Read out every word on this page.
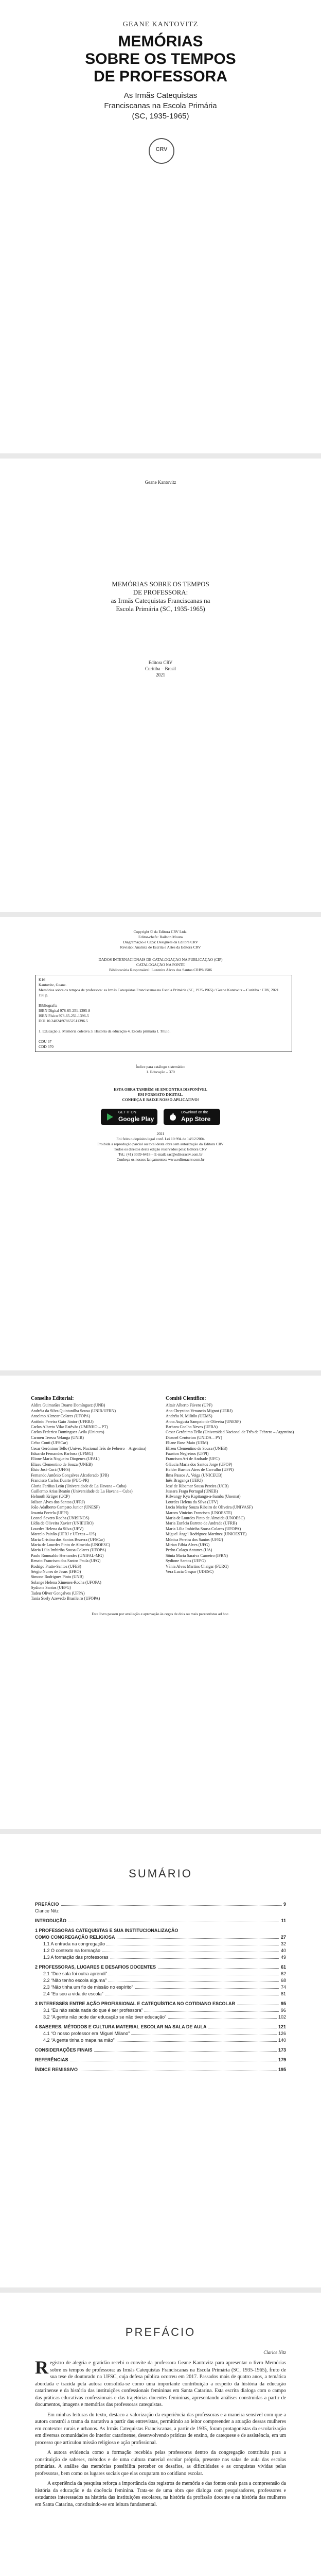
GEANE KANTOVITZ
MEMÓRIAS
SOBRE OS TEMPOS
DE PROFESSORA
As Irmãs Catequistas
Franciscanas na Escola Primária
(SC, 1935-1965)
CRV
Geane Kantovitz
MEMÓRIAS SOBRE OS TEMPOS
DE PROFESSORA:
as Irmãs Catequistas Franciscanas na
Escola Primária (SC, 1935-1965)
Editora CRV
Curitiba – Brasil
2021
Copyright © da Editora CRV Ltda.
Editor-chefe: Railson Moura
Diagramação e Capa: Designers da Editora CRV
Revisão: Analista de Escrita e Artes da Editora CRV
DADOS INTERNACIONAIS DE CATALOGAÇÃO NA PUBLICAÇÃO (CIP)
CATALOGAÇÃO NA FONTE
Bibliotecária Responsável: Luzenira Alves dos Santos CRB9/1506
K16
Kantovitz, Geane.
Memórias sobre os tempos de professora: as Irmãs Catequistas Franciscanas na Escola Primária (SC, 1935-1965) / Geane Kantovitz – Curitiba : CRV, 2021.
198 p.
Bibliografia
ISBN Digital 978-65-251-1395-8
ISBN Físico 978-65-251-1396-5
DOI 10.24824/978652511396.5
1. Educação 2. Memória coletiva 3. História da educação 4. Escola primária I. Título.
CDU 37
CDD 370
Índice para catálogo sistemático
1. Educação – 370
ESTA OBRA TAMBÉM SE ENCONTRA DISPONÍVEL
EM FORMATO DIGITAL.
CONHEÇA E BAIXE NOSSO APLICATIVO!
GET IT ON
Google Play
Download on the
App Store
2021
Foi feito o depósito legal conf. Lei 10.994 de 14/12/2004
Proibida a reprodução parcial ou total desta obra sem autorização da Editora CRV
Todos os direitos desta edição reservados pela: Editora CRV
Tel.: (41) 3039-6418 – E-mail: sac@editoracrv.com.br
Conheça os nossos lançamentos: www.editoracrv.com.br
Conselho Editorial:
Aldira Guimarães Duarte Domínguez (UNB)
Andréia da Silva Quintanilha Sousa (UNIR/UFRN)
Anselmo Alencar Colares (UFOPA)
Antônio Pereira Gaio Júnior (UFRRJ)
Carlos Alberto Vilar Estêvão (UMINHO – PT)
Carlos Federico Dominguez Avila (Unieuro)
Carmen Tereza Velanga (UNIR)
Celso Conti (UFSCar)
Cesar Gerónimo Tello (Univer. Nacional Três de Febrero – Argentina)
Eduardo Fernandes Barbosa (UFMG)
Elione Maria Nogueira Diogenes (UFAL)
Elizeu Clementino de Souza (UNEB)
Élsio José Corá (UFFS)
Fernando Antônio Gonçalves Alcoforado (IPB)
Francisco Carlos Duarte (PUC-PR)
Gloria Fariñas León (Universidade de La Havana – Cuba)
Guillermo Arias Beatón (Universidade de La Havana – Cuba)
Helmuth Krüger (UCP)
Jailson Alves dos Santos (UFRJ)
João Adalberto Campato Junior (UNESP)
Josania Portela (UFPI)
Leonel Severo Rocha (UNISINOS)
Lídia de Oliveira Xavier (UNIEURO)
Lourdes Helena da Silva (UFV)
Marcelo Paixão (UFRJ e UTexas – US)
Maria Cristina dos Santos Bezerra (UFSCar)
Maria de Lourdes Pinto de Almeida (UNOESC)
Maria Lília Imbiriba Sousa Colares (UFOPA)
Paulo Romualdo Hernandes (UNIFAL-MG)
Renato Francisco dos Santos Paula (UFG)
Rodrigo Pratte-Santos (UFES)
Sérgio Nunes de Jesus (IFRO)
Simone Rodrigues Pinto (UNB)
Solange Helena Ximenes-Rocha (UFOPA)
Sydione Santos (UEPG)
Tadeu Oliver Gonçalves (UFPA)
Tania Suely Azevedo Brasileiro (UFOPA)
Comitê Científico:
Altair Alberto Fávero (UPF)
Ana Chrystina Venancio Mignot (UERJ)
Andréia N. Militão (UEMS)
Anna Augusta Sampaio de Oliveira (UNESP)
Barbara Coelho Neves (UFBA)
Cesar Gerónimo Tello (Universidad Nacional de Três de Febrero – Argentina)
Diosnel Centurion (UNIDA – PY)
Eliane Rose Maio (UEM)
Elizeu Clementino de Souza (UNEB)
Fauston Negreiros (UFPI)
Francisco Ari de Andrade (UFC)
Gláucia Maria dos Santos Jorge (UFOP)
Helder Buenos Aires de Carvalho (UFPI)
Ilma Passos A. Veiga (UNICEUB)
Inês Bragança (UERJ)
José de Ribamar Sousa Pereira (UCB)
Jussara Fraga Portugal (UNEB)
Kilwangy Kya Kapitango-a-Samba (Unemat)
Lourdes Helena da Silva (UFV)
Lucia Marisy Souza Ribeiro de Oliveira (UNIVASF)
Marcos Vinicius Francisco (UNOESTE)
Maria de Lourdes Pinto de Almeida (UNOESC)
Maria Eurácia Barreto de Andrade (UFRB)
Maria Lília Imbiriba Sousa Colares (UFOPA)
Míguel Ángel Rodríguez Martínez (UNIOESTE)
Mônica Pereira dos Santos (UFRJ)
Mirian Fábia Alves (UFG)
Pedro Colaço Antunes (UA)
Sônia Maria Saraiva Carneiro (IFRN)
Sydione Santos (UEPG)
Vânia Alves Martins Chaigar (FURG)
Vera Lucia Gaspar (UDESC)
Este livro passou por avaliação e aprovação às cegas de dois ou mais pareceristas ad hoc.
SUMÁRIO
PREFÁCIO	9
Clarice Nitz
INTRODUÇÃO	11
1 PROFESSORAS CATEQUISTAS E SUA INSTITUCIONALIZAÇÃO
COMO CONGREGAÇÃO RELIGIOSA	27
1.1 A entrada na congregação	32
1.2 O contexto na formação	40
1.3 A formação das professoras	49
2 PROFESSORAS, LUGARES E DESAFIOS DOCENTES	61
2.1 “Doe sala foi outra aprendi”	62
2.2 “Não tenho escola alguma”	68
2.3 “Não tinha um fio de missão no espírito”	74
2.4 “Eu sou a vida de escola”	81
3 INTERESSES ENTRE AÇÃO PROFISSIONAL E CATEQUÍSTICA NO COTIDIANO ESCOLAR	95
3.1 “Eu não sabia nada do que é ser professora”	96
3.2 “A gente não pode dar educação se não tiver educação”	102
4 SABERES, MÉTODOS E CULTURA MATERIAL ESCOLAR NA SALA DE AULA	121
4.1 “O nosso professor era Miguel Milano”	126
4.2 “A gente tinha o mapa na mão”	140
CONSIDERAÇÕES FINAIS	173
REFERÊNCIAS	179
ÍNDICE REMISSIVO	195
PREFÁCIO
Clarice Nitz

Registro de alegria e gratidão recebi o convite da professora Geane Kantovitz para apresentar o livro Memórias sobre os tempos de professora: as Irmãs Catequistas Franciscanas na Escola Primária (SC, 1935-1965), fruto de sua tese de doutorado na UFSC, cuja defesa pública ocorreu em 2017. Passados mais de quatro anos, a temática abordada e trazida pela autora consolida-se como uma importante contribuição a respeito da história da educação catarinense e da história das instituições confessionais femininas em Santa Catarina. Esta escrita dialoga com o campo das práticas educativas confessionais e das trajetórias docentes femininas, apresentando análises construídas a partir de documentos, imagens e memórias das professoras catequistas.

Em minhas leituras do texto, destaco a valorização da experiência das professoras e a maneira sensível com que a autora constrói a trama da narrativa a partir das entrevistas, permitindo ao leitor compreender a atuação dessas mulheres em contextos rurais e urbanos. As Irmãs Catequistas Franciscanas, a partir de 1935, foram protagonistas da escolarização em diversas comunidades do interior catarinense, desenvolvendo práticas de ensino, de catequese e de assistência, em um processo que articulou missão religiosa e ação profissional.

A autora evidencia como a formação recebida pelas professoras dentro da congregação contribuiu para a constituição de saberes, métodos e de uma cultura material escolar própria, presente nas salas de aula das escolas primárias. A análise das memórias possibilita perceber os desafios, as dificuldades e as conquistas vividas pelas professoras, bem como os lugares sociais que elas ocuparam no cotidiano escolar.

A experiência da pesquisa reforça a importância dos registros de memória e das fontes orais para a compreensão da história da educação e da docência feminina. Trata-se de uma obra que dialoga com pesquisadores, professores e estudantes interessados na história das instituições escolares, na história da profissão docente e na história das mulheres em Santa Catarina, constituindo-se em leitura fundamental.
